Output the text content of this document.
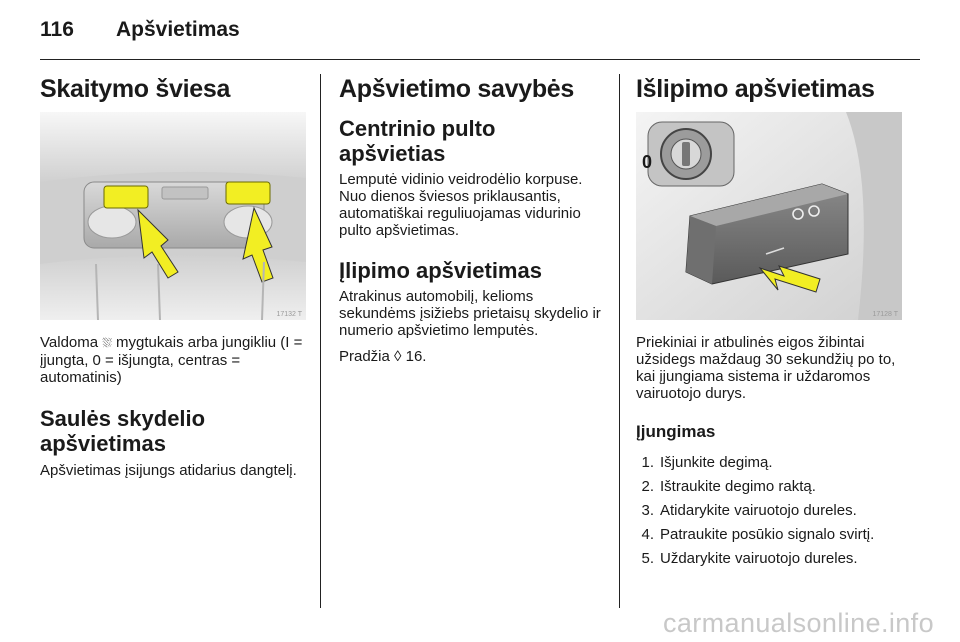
116 Apšvietimas
Skaitymo šviesa
17132 T

Valdoma ⛆ mygtukais arba jungikliu (I = įjungta, 0 = išjungta, centras = automatinis)

Saulės skydelio
apšvietimas

Apšvietimas įsijungs atidarius dangtelį.

Apšvietimo savybės
Centrinio pulto apšvietias

Lemputė vidinio veidrodėlio korpuse. Nuo dienos šviesos priklausantis, automatiškai reguliuojamas vidurinio pulto apšvietimas.

Įlipimo apšvietimas

Atrakinus automobilį, kelioms sekundėms įsižiebs prietaisų skydelio ir numerio apšvietimo lemputės.

Pradžia ◊ 16.

Išlipimo apšvietimas
0
17128 T

Priekiniai ir atbulinės eigos žibintai užsidegs maždaug 30 sekundžių po to, kai įjungiama sistema ir uždaromos vairuotojo durys.

Įjungimas
1. Išjunkite degimą.
2. Ištraukite degimo raktą.
3. Atidarykite vairuotojo dureles.
4. Patraukite posūkio signalo svirtį.
5. Uždarykite vairuotojo dureles.
carmanualsonline.info
